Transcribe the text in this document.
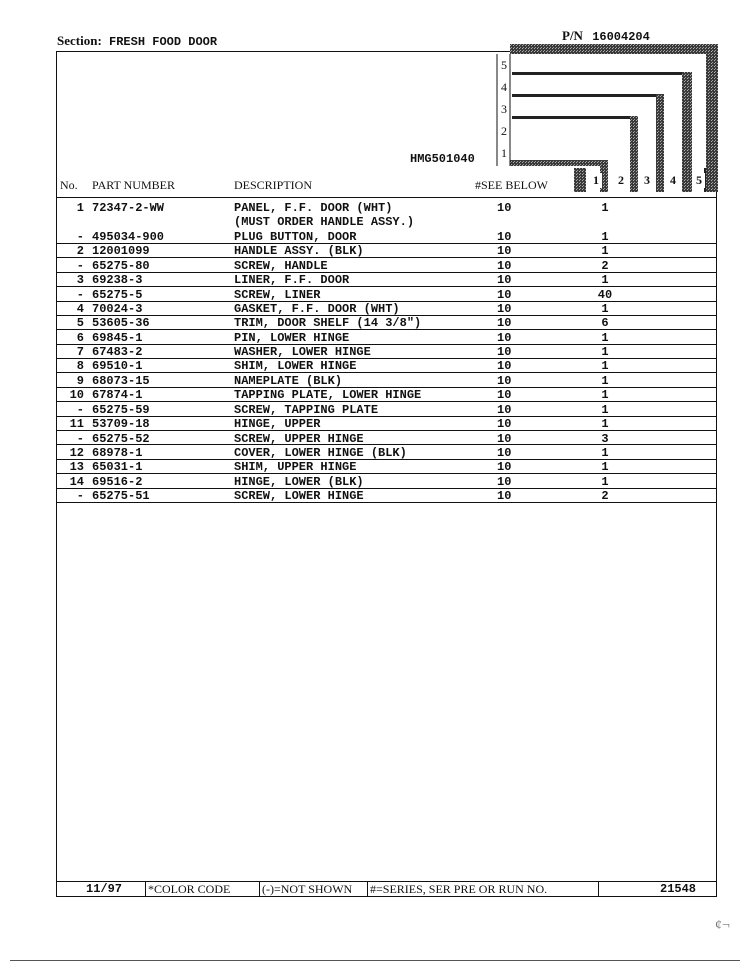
Section: FRESH FOOD DOOR	P/N 16004204
5
4
3
2
1
1 2 3 4 5
HMG501040
No. PART NUMBER	DESCRIPTION	#SEE BELOW
1 72347-2-WW	PANEL, F.F. DOOR (WHT)	10	1
(MUST ORDER HANDLE ASSY.)
- 495034-900	PLUG BUTTON, DOOR	10	1
2 12001099	HANDLE ASSY. (BLK)	10	1
- 65275-80	SCREW, HANDLE	10	2
3 69238-3	LINER, F.F. DOOR	10	1
- 65275-5	SCREW, LINER	10	40
4 70024-3	GASKET, F.F. DOOR (WHT)	10	1
5 53605-36	TRIM, DOOR SHELF (14 3/8")	10	6
6 69845-1	PIN, LOWER HINGE	10	1
7 67483-2	WASHER, LOWER HINGE	10	1
8 69510-1	SHIM, LOWER HINGE	10	1
9 68073-15	NAMEPLATE (BLK)	10	1
10 67874-1	TAPPING PLATE, LOWER HINGE	10	1
- 65275-59	SCREW, TAPPING PLATE	10	1
11 53709-18	HINGE, UPPER	10	1
- 65275-52	SCREW, UPPER HINGE	10	3
12 68978-1	COVER, LOWER HINGE (BLK)	10	1
13 65031-1	SHIM, UPPER HINGE	10	1
14 69516-2	HINGE, LOWER (BLK)	10	1
- 65275-51	SCREW, LOWER HINGE	10	2
11/97 *COLOR CODE	(-)=NOT SHOWN #=SERIES, SER PRE OR RUN NO.	21548
¢¬
